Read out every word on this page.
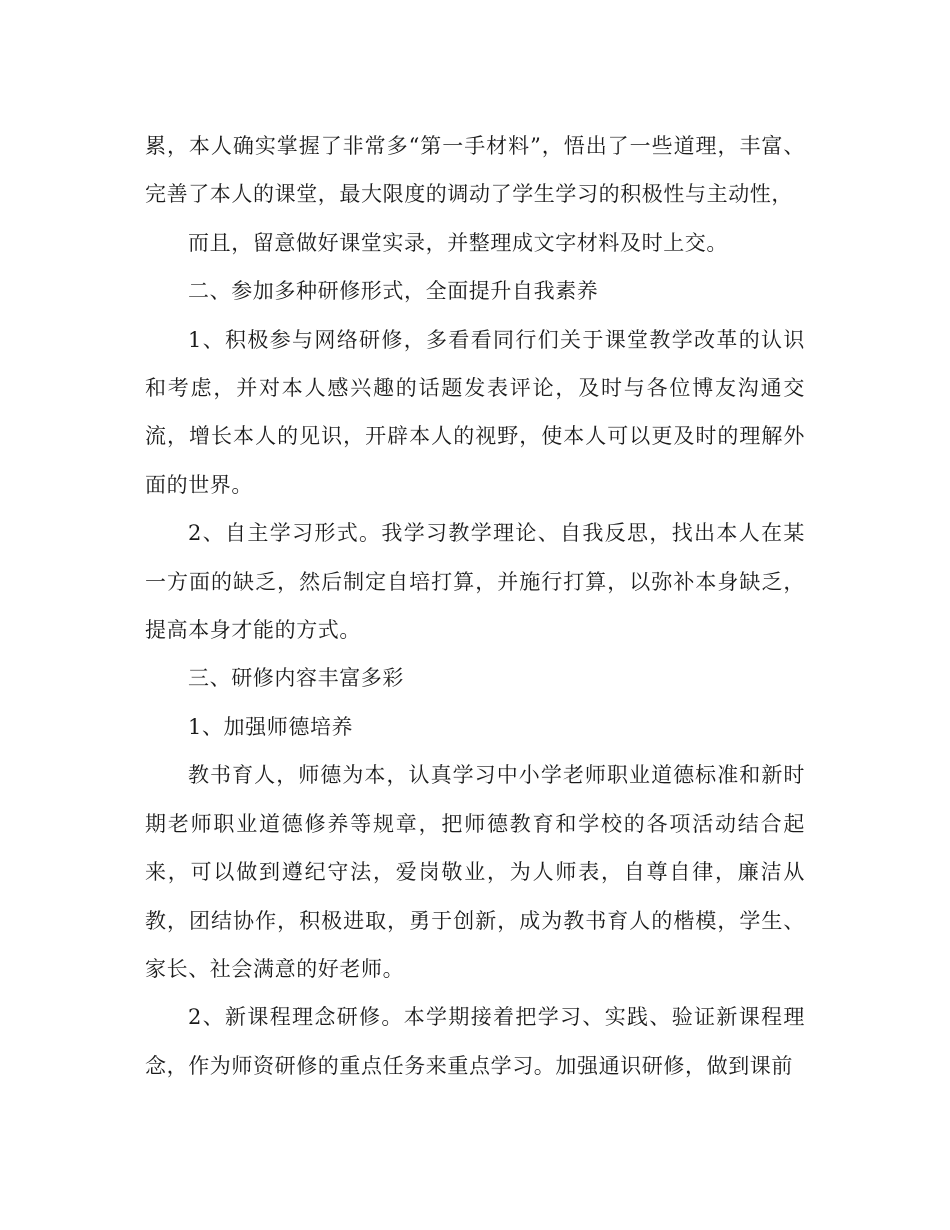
累，本人确实掌握了非常多“第一手材料”，悟出了一些道理，丰富、完善了本人的课堂，最大限度的调动了学生学习的积极性与主动性，

而且，留意做好课堂实录，并整理成文字材料及时上交。

二、参加多种研修形式，全面提升自我素养

1、积极参与网络研修，多看看同行们关于课堂教学改革的认识和考虑，并对本人感兴趣的话题发表评论，及时与各位博友沟通交流，增长本人的见识，开辟本人的视野，使本人可以更及时的理解外面的世界。

2、自主学习形式。我学习教学理论、自我反思，找出本人在某一方面的缺乏，然后制定自培打算，并施行打算，以弥补本身缺乏，提高本身才能的方式。

三、研修内容丰富多彩

1、加强师德培养

教书育人，师德为本，认真学习中小学老师职业道德标准和新时期老师职业道德修养等规章，把师德教育和学校的各项活动结合起来，可以做到遵纪守法，爱岗敬业，为人师表，自尊自律，廉洁从教，团结协作，积极进取，勇于创新，成为教书育人的楷模，学生、家长、社会满意的好老师。

2、新课程理念研修。本学期接着把学习、实践、验证新课程理念，作为师资研修的重点任务来重点学习。加强通识研修，做到课前
